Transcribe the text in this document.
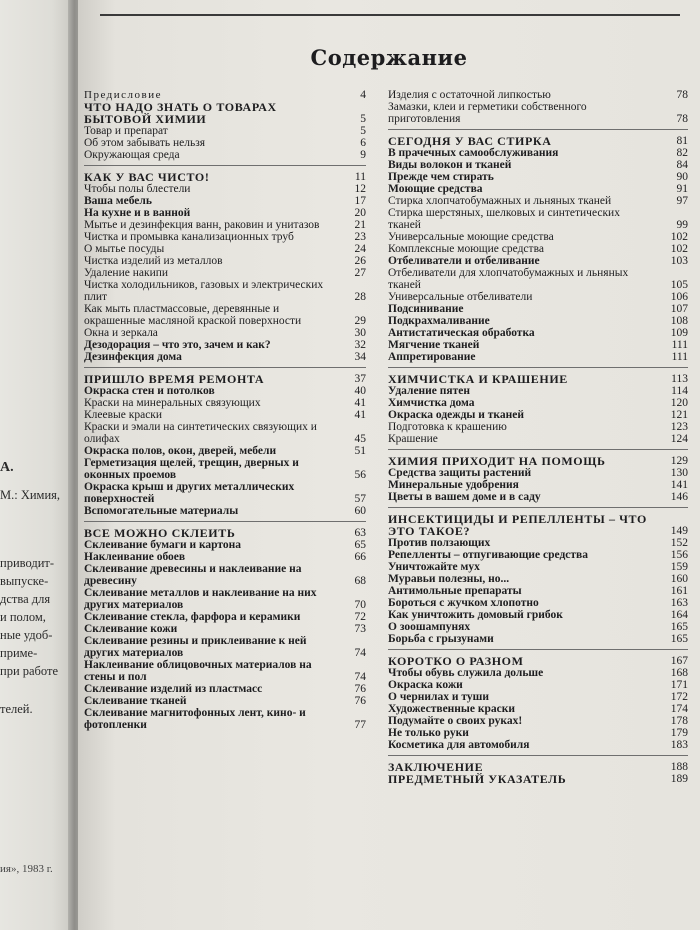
А.
М.: Химия,
приводит-
выпуске-
дства для
и полом,
ные удоб-
приме-
при работе
телей.
ия», 1983 г.
Содержание
Предисловие	4
ЧТО НАДО ЗНАТЬ О ТОВАРАХ БЫТОВОЙ ХИМИИ	5
Товар и препарат	5
Об этом забывать нельзя	6
Окружающая среда	9
КАК У ВАС ЧИСТО!	11
Чтобы полы блестели	12
Ваша мебель	17
На кухне и в ванной	20
Мытье и дезинфекция ванн, раковин и унитазов	21
Чистка и промывка канализационных труб	23
О мытье посуды	24
Чистка изделий из металлов	26
Удаление накипи	27
Чистка холодильников, газовых и электрических плит	28
Как мыть пластмассовые, деревянные и окрашенные масляной краской поверхности	29
Окна и зеркала	30
Дезодорация – что это, зачем и как?	32
Дезинфекция дома	34
ПРИШЛО ВРЕМЯ РЕМОНТА	37
Окраска стен и потолков	40
Краски на минеральных связующих	41
Клеевые краски	41
Краски и эмали на синтетических связующих и олифах	45
Окраска полов, окон, дверей, мебели	51
Герметизация щелей, трещин, дверных и оконных проемов	56
Окраска крыш и других металлических поверхностей	57
Вспомогательные материалы	60
ВСЕ МОЖНО СКЛЕИТЬ	63
Склеивание бумаги и картона	65
Наклеивание обоев	66
Склеивание древесины и наклеивание на древесину	68
Склеивание металлов и наклеивание на них других материалов	70
Склеивание стекла, фарфора и керамики	72
Склеивание кожи	73
Склеивание резины и приклеивание к ней других материалов	74
Наклеивание облицовочных материалов на стены и пол	74
Склеивание изделий из пластмасс	76
Склеивание тканей	76
Склеивание магнитофонных лент, кино- и фотопленки	77
Изделия с остаточной липкостью	78
Замазки, клеи и герметики собственного приготовления	78
СЕГОДНЯ У ВАС СТИРКА	81
В прачечных самообслуживания	82
Виды волокон и тканей	84
Прежде чем стирать	90
Моющие средства	91
Стирка хлопчатобумажных и льняных тканей	97
Стирка шерстяных, шелковых и синтетических тканей	99
Универсальные моющие средства	102
Комплексные моющие средства	102
Отбеливатели и отбеливание	103
Отбеливатели для хлопчатобумажных и льняных тканей	105
Универсальные отбеливатели	106
Подсинивание	107
Подкрахмаливание	108
Антистатическая обработка	109
Мягчение тканей	111
Аппретирование	111
ХИМЧИСТКА И КРАШЕНИЕ	113
Удаление пятен	114
Химчистка дома	120
Окраска одежды и тканей	121
Подготовка к крашению	123
Крашение	124
ХИМИЯ ПРИХОДИТ НА ПОМОЩЬ	129
Средства защиты растений	130
Минеральные удобрения	141
Цветы в вашем доме и в саду	146
ИНСЕКТИЦИДЫ И РЕПЕЛЛЕНТЫ – ЧТО ЭТО ТАКОЕ?	149
Против ползающих	152
Репелленты – отпугивающие средства	156
Уничтожайте мух	159
Муравьи полезны, но...	160
Антимольные препараты	161
Бороться с жучком хлопотно	163
Как уничтожить домовый грибок	164
О зоошампунях	165
Борьба с грызунами	165
КОРОТКО О РАЗНОМ	167
Чтобы обувь служила дольше	168
Окраска кожи	171
О чернилах и туши	172
Художественные краски	174
Подумайте о своих руках!	178
Не только руки	179
Косметика для автомобиля	183
ЗАКЛЮЧЕНИЕ	188
ПРЕДМЕТНЫЙ УКАЗАТЕЛЬ	189
